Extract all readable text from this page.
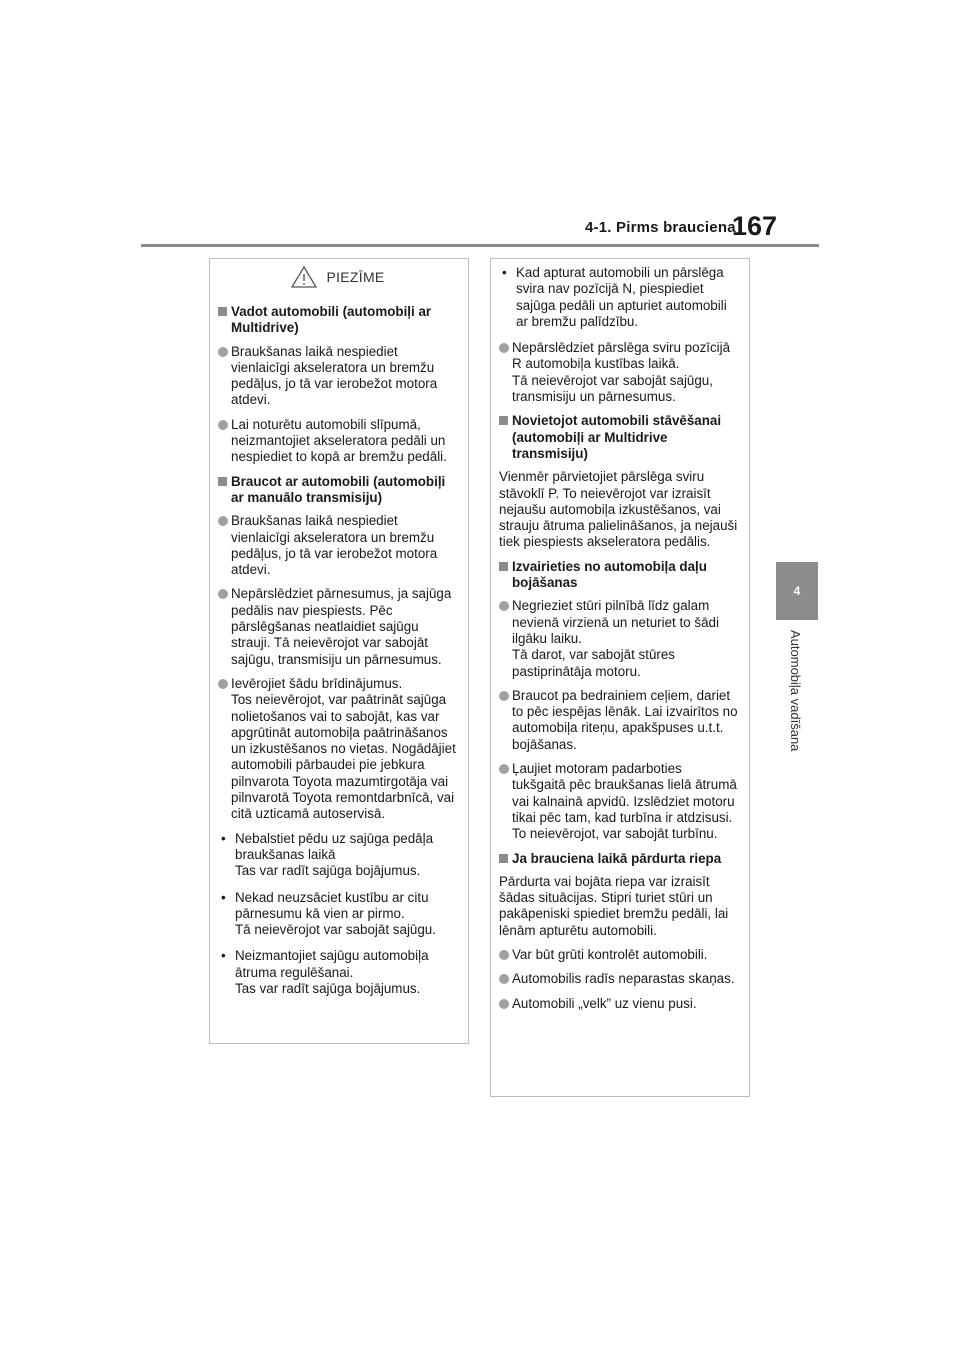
4-1. Pirms brauciena
167
4
Automobiļa vadīšana
PIEZĪME
Vadot automobili (automobiļi ar Multidrive)
Braukšanas laikā nespiediet vienlaicīgi akseleratora un bremžu pedāļus, jo tā var ierobežot motora atdevi.
Lai noturētu automobili slīpumā, neizmantojiet akseleratora pedāli un nespiediet to kopā ar bremžu pedāli.
Braucot ar automobili (automobiļi ar manuālo transmisiju)
Braukšanas laikā nespiediet vienlaicīgi akseleratora un bremžu pedāļus, jo tā var ierobežot motora atdevi.
Nepārslēdziet pārnesumus, ja sajūga pedālis nav piespiests. Pēc pārslēgšanas neatlaidiet sajūgu strauji. Tā neievērojot var sabojāt sajūgu, transmisiju un pārnesumus.
Ievērojiet šādu brīdinājumus.
Tos neievērojot, var paātrināt sajūga nolietošanos vai to sabojāt, kas var apgrūtināt automobiļa paātrināšanos un izkustēšanos no vietas. Nogādājiet automobili pārbaudei pie jebkura pilnvarota Toyota mazumtirgotāja vai pilnvarotā Toyota remontdarbnīcā, vai citā uzticamā autoservisā.
• Nebalstiet pēdu uz sajūga pedāļa braukšanas laikā
Tas var radīt sajūga bojājumus.
• Nekad neuzsāciet kustību ar citu pārnesumu kā vien ar pirmo.
Tā neievērojot var sabojāt sajūgu.
• Neizmantojiet sajūgu automobiļa ātruma regulēšanai.
Tas var radīt sajūga bojājumus.
• Kad apturat automobili un pārslēga svira nav pozīcijā N, piespiediet sajūga pedāli un apturiet automobili ar bremžu palīdzību.
Nepārslēdziet pārslēga sviru pozīcijā R automobiļa kustības laikā.
Tā neievērojot var sabojāt sajūgu, transmisiju un pārnesumus.
Novietojot automobili stāvēšanai (automobiļi ar Multidrive transmisiju)
Vienmēr pārvietojiet pārslēga sviru stāvoklī P. To neievērojot var izraisīt nejaušu automobiļa izkustēšanos, vai strauju ātruma palielināšanos, ja nejauši tiek piespiests akseleratora pedālis.
Izvairieties no automobiļa daļu bojāšanas
Negrieziet stūri pilnībā līdz galam nevienā virzienā un neturiet to šādi ilgāku laiku.
Tā darot, var sabojāt stūres pastiprinātāja motoru.
Braucot pa bedrainiem ceļiem, dariet to pēc iespējas lēnāk. Lai izvairītos no automobiļa riteņu, apakšpuses u.t.t. bojāšanas.
Ļaujiet motoram padarboties tukšgaitā pēc braukšanas lielā ātrumā vai kalnainā apvidū. Izslēdziet motoru tikai pēc tam, kad turbīna ir atdzisusi.
To neievērojot, var sabojāt turbīnu.
Ja brauciena laikā pārdurta riepa
Pārdurta vai bojāta riepa var izraisīt šādas situācijas. Stipri turiet stūri un pakāpeniski spiediet bremžu pedāli, lai lēnām apturētu automobili.
Var būt grūti kontrolēt automobili.
Automobilis radīs neparastas skaņas.
Automobili „velk” uz vienu pusi.
